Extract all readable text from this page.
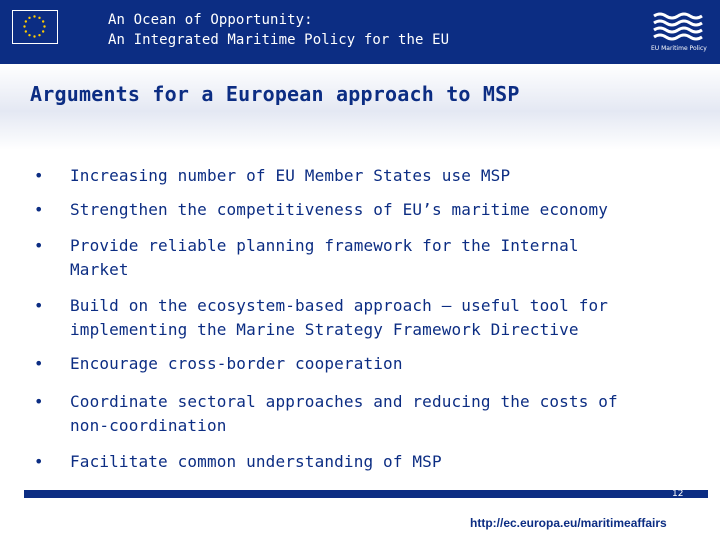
An Ocean of Opportunity:
An Integrated Maritime Policy for the EU
EU Maritime Policy
Arguments for a European approach to MSP
• Increasing number of EU Member States use MSP
• Strengthen the competitiveness of EU’s maritime economy
• Provide reliable planning framework for the Internal
Market
• Build on the ecosystem-based approach – useful tool for
implementing the Marine Strategy Framework Directive
• Encourage cross-border cooperation
• Coordinate sectoral approaches and reducing the costs of
non-coordination
• Facilitate common understanding of MSP
12
http://ec.europa.eu/maritimeaffairs
